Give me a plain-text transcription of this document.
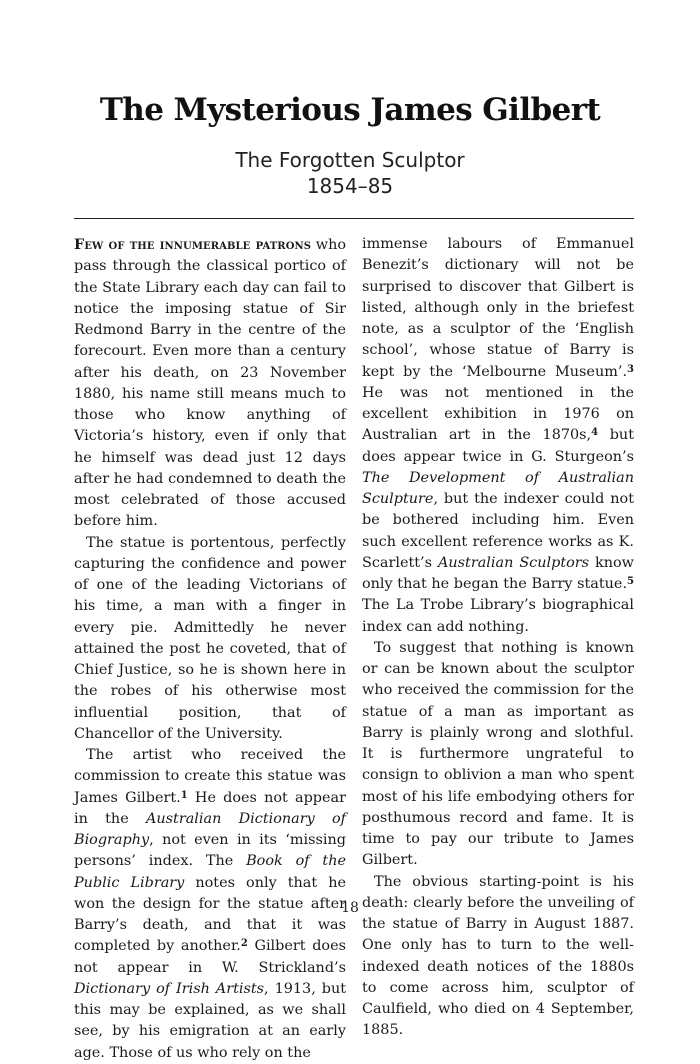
The Mysterious James Gilbert
The Forgotten Sculptor
1854–85

Few of the innumerable patrons who pass through the classical portico of the State Library each day can fail to notice the imposing statue of Sir Redmond Barry in the centre of the forecourt. Even more than a century after his death, on 23 November 1880, his name still means much to those who know anything of Victoria’s history, even if only that he himself was dead just 12 days after he had condemned to death the most celebrated of those accused before him.

The statue is portentous, perfectly capturing the confidence and power of one of the leading Victorians of his time, a man with a finger in every pie. Admittedly he never attained the post he coveted, that of Chief Justice, so he is shown here in the robes of his otherwise most influential position, that of Chancellor of the University.

The artist who received the commission to create this statue was James Gilbert.$^1$ He does not appear in the Australian Dictionary of Biography, not even in its ‘missing persons’ index. The Book of the Public Library notes only that he won the design for the statue after Barry’s death, and that it was completed by another.$^2$ Gilbert does not appear in W. Strickland’s Dictionary of Irish Artists, 1913, but this may be explained, as we shall see, by his emigration at an early age. Those of us who rely on the

immense labours of Emmanuel Benezit’s dictionary will not be surprised to discover that Gilbert is listed, although only in the briefest note, as a sculptor of the ‘English school’, whose statue of Barry is kept by the ‘Melbourne Museum’.$^3$ He was not mentioned in the excellent exhibition in 1976 on Australian art in the 1870s,$^4$ but does appear twice in G. Sturgeon’s The Development of Australian Sculpture, but the indexer could not be bothered including him. Even such excellent reference works as K. Scarlett’s Australian Sculptors know only that he began the Barry statue.$^5$ The La Trobe Library’s biographical index can add nothing.

To suggest that nothing is known or can be known about the sculptor who received the commission for the statue of a man as important as Barry is plainly wrong and slothful. It is furthermore ungrateful to consign to oblivion a man who spent most of his life embodying others for posthumous record and fame. It is time to pay our tribute to James Gilbert.

The obvious starting-point is his death: clearly before the unveiling of the statue of Barry in August 1887. One only has to turn to the well-indexed death notices of the 1880s to come across him, sculptor of Caulfield, who died on 4 September, 1885.

18
